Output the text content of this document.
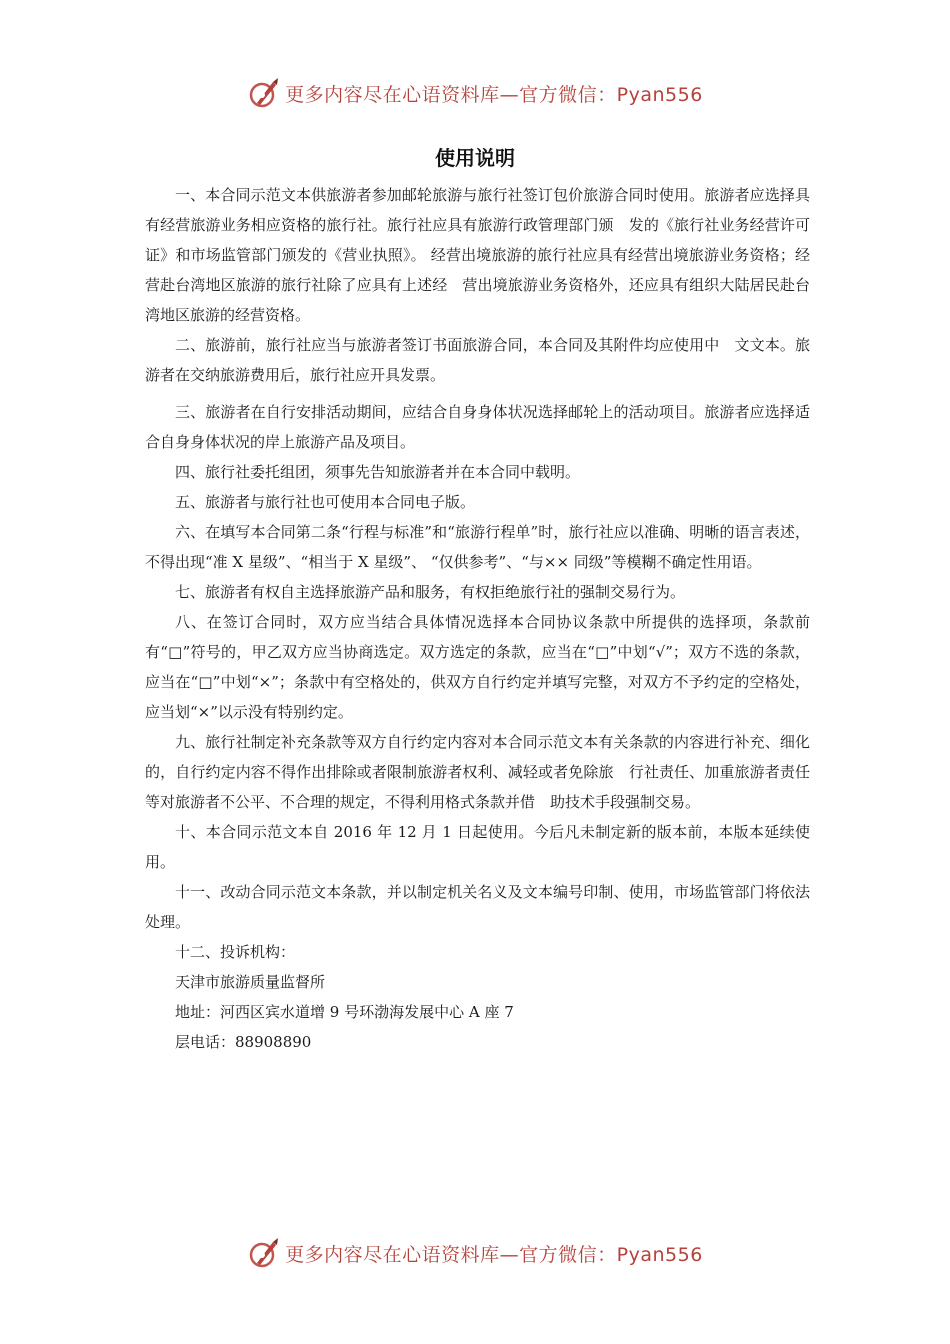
更多内容尽在心语资料库—官方微信：Pyan556
使用说明

一、本合同示范文本供旅游者参加邮轮旅游与旅行社签订包价旅游合同时使用。旅游者应选择具有经营旅游业务相应资格的旅行社。旅行社应具有旅游行政管理部门颁　发的《旅行社业务经营许可证》和市场监管部门颁发的《营业执照》。 经营出境旅游的旅行社应具有经营出境旅游业务资格；经营赴台湾地区旅游的旅行社除了应具有上述经　营出境旅游业务资格外，还应具有组织大陆居民赴台湾地区旅游的经营资格。

二、旅游前，旅行社应当与旅游者签订书面旅游合同，本合同及其附件均应使用中　文文本。旅游者在交纳旅游费用后，旅行社应开具发票。

三、旅游者在自行安排活动期间，应结合自身身体状况选择邮轮上的活动项目。旅游者应选择适合自身身体状况的岸上旅游产品及项目。

四、旅行社委托组团，须事先告知旅游者并在本合同中载明。

五、旅游者与旅行社也可使用本合同电子版。

六、在填写本合同第二条“行程与标准”和“旅游行程单”时，旅行社应以准确、明晰的语言表述，不得出现“准 X 星级”、“相当于 X 星级”、 “仅供参考”、“与×× 同级”等模糊不确定性用语。

七、旅游者有权自主选择旅游产品和服务，有权拒绝旅行社的强制交易行为。

八、在签订合同时，双方应当结合具体情况选择本合同协议条款中所提供的选择项，条款前有“□”符号的，甲乙双方应当协商选定。双方选定的条款，应当在“□”中划“√”；双方不选的条款，应当在“□”中划“×”；条款中有空格处的，供双方自行约定并填写完整，对双方不予约定的空格处，应当划“×”以示没有特别约定。

九、旅行社制定补充条款等双方自行约定内容对本合同示范文本有关条款的内容进行补充、细化的，自行约定内容不得作出排除或者限制旅游者权利、减轻或者免除旅　行社责任、加重旅游者责任等对旅游者不公平、不合理的规定，不得利用格式条款并借　助技术手段强制交易。

十、本合同示范文本自 2016 年 12 月 1 日起使用。今后凡未制定新的版本前，本版本延续使用。

十一、改动合同示范文本条款，并以制定机关名义及文本编号印制、使用，市场监管部门将依法处理。

十二、投诉机构：

天津市旅游质量监督所

地址：河西区宾水道增 9 号环渤海发展中心 A 座 7

层电话：88908890

更多内容尽在心语资料库—官方微信：Pyan556
